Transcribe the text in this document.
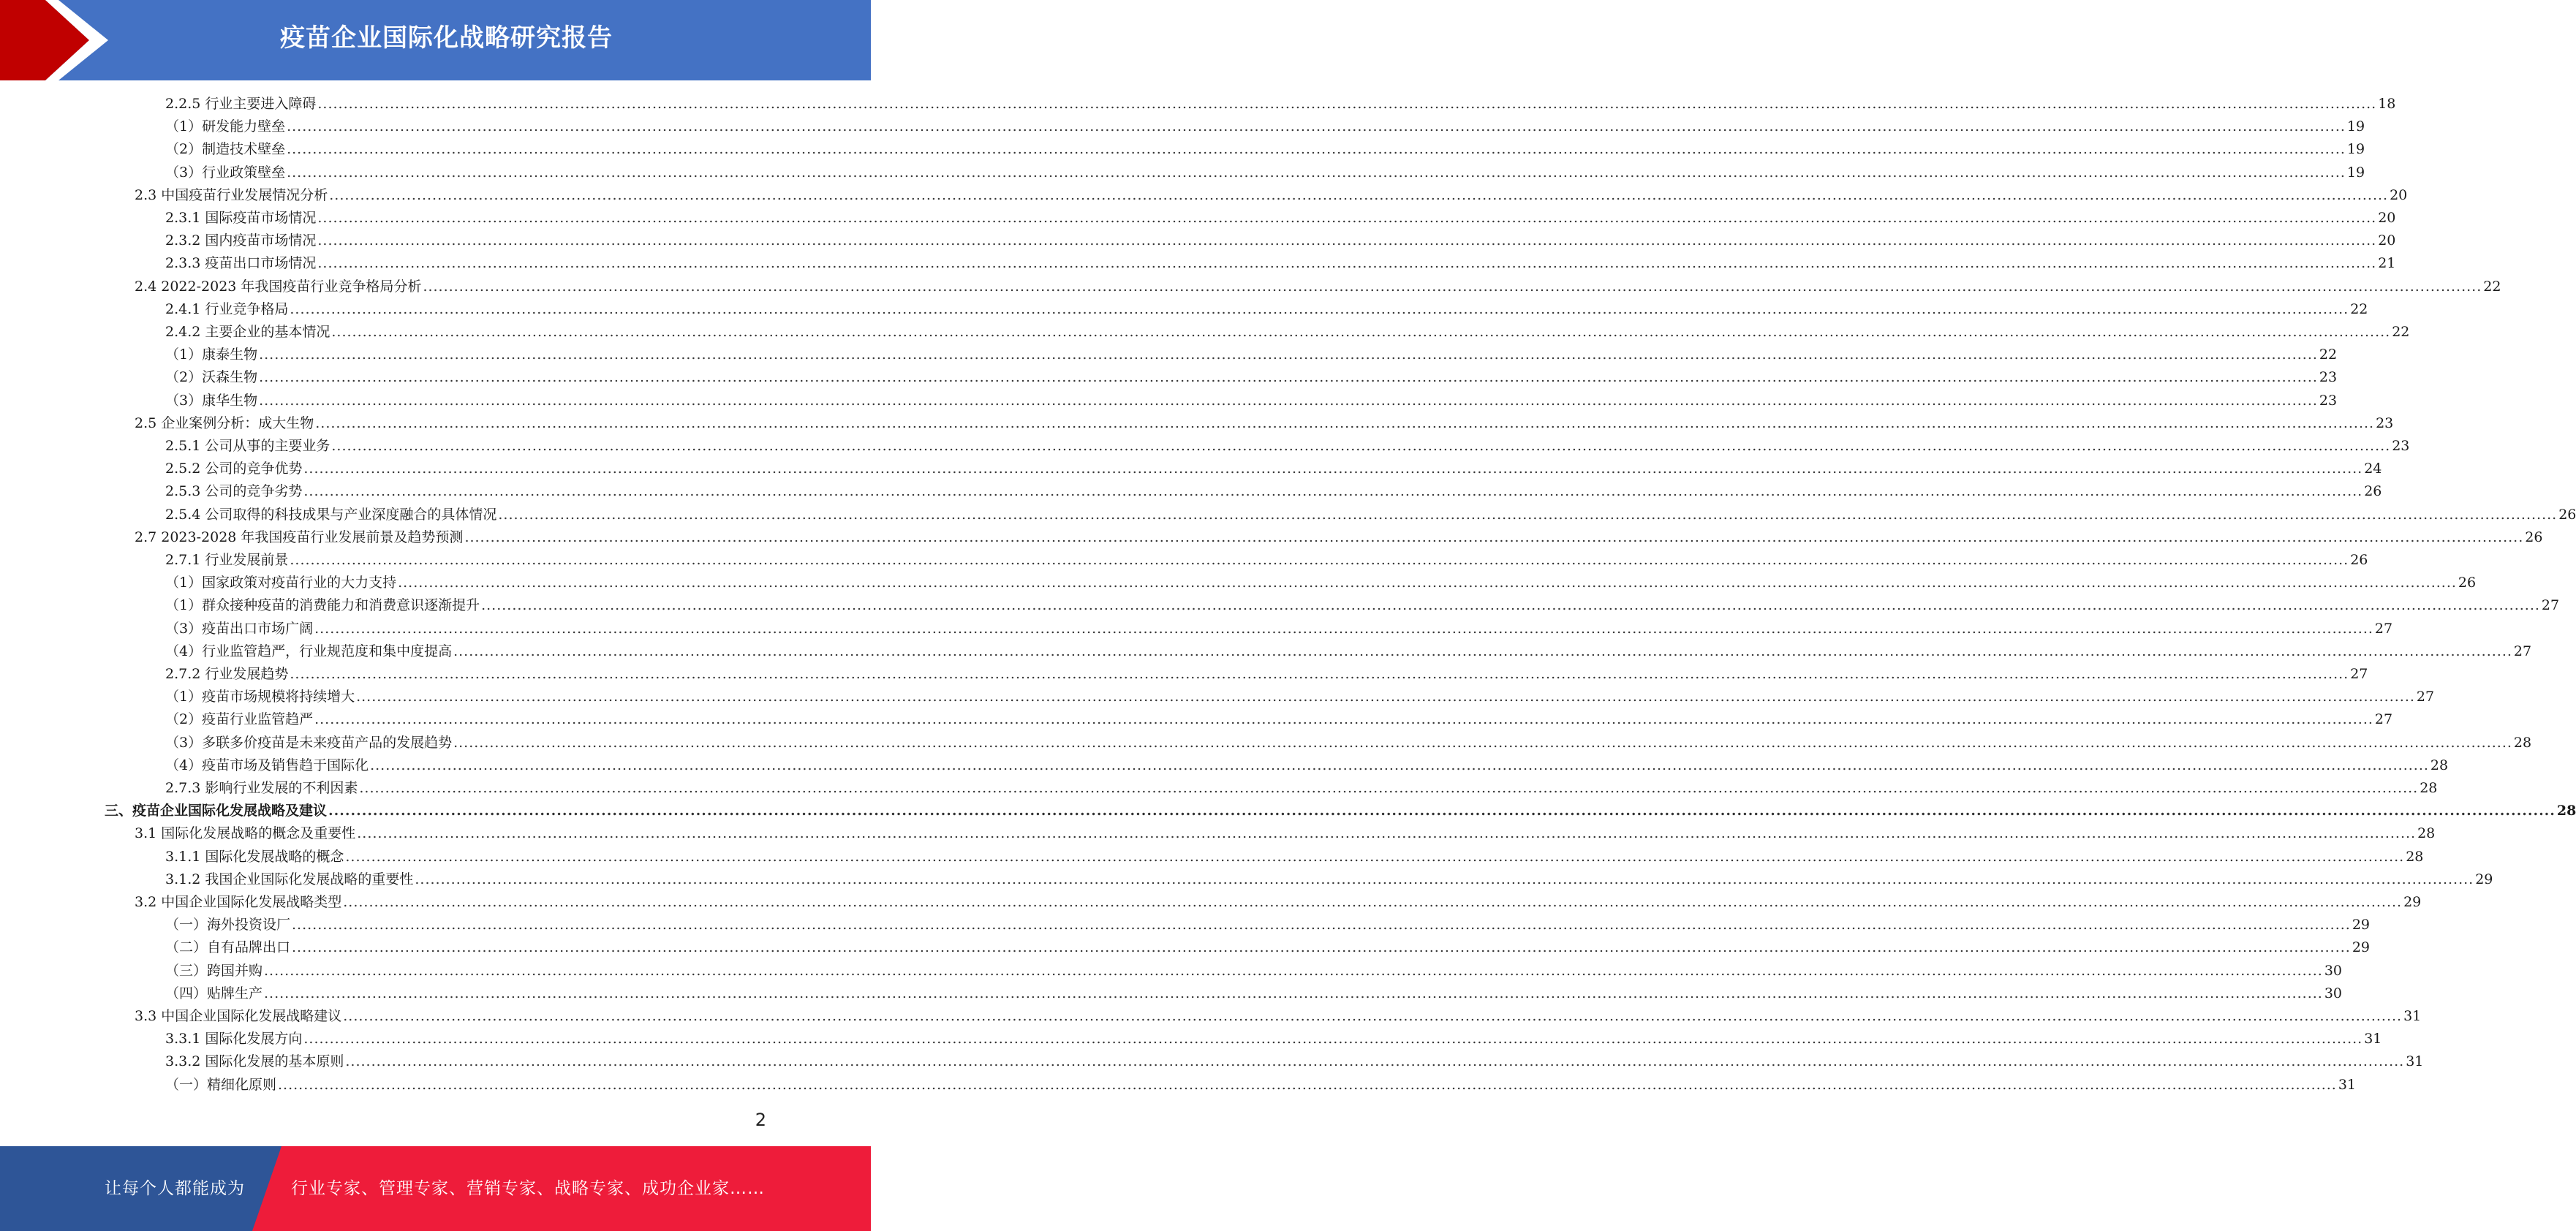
疫苗企业国际化战略研究报告
2.2.5 行业主要进入障碍 ................................................................................................................................................................................................................................................................................................................................................................................................................ 18
（1）研发能力壁垒 ................................................................................................................................................................................................................................................................................................................................................................................................................ 19
（2）制造技术壁垒 ................................................................................................................................................................................................................................................................................................................................................................................................................ 19
（3）行业政策壁垒 ................................................................................................................................................................................................................................................................................................................................................................................................................ 19
2.3 中国疫苗行业发展情况分析 ................................................................................................................................................................................................................................................................................................................................................................................................................ 20
2.3.1 国际疫苗市场情况 ................................................................................................................................................................................................................................................................................................................................................................................................................ 20
2.3.2 国内疫苗市场情况 ................................................................................................................................................................................................................................................................................................................................................................................................................ 20
2.3.3 疫苗出口市场情况 ................................................................................................................................................................................................................................................................................................................................................................................................................ 21
2.4 2022-2023 年我国疫苗行业竞争格局分析 ................................................................................................................................................................................................................................................................................................................................................................................................................ 22
2.4.1 行业竞争格局 ................................................................................................................................................................................................................................................................................................................................................................................................................ 22
2.4.2 主要企业的基本情况 ................................................................................................................................................................................................................................................................................................................................................................................................................ 22
（1）康泰生物 ................................................................................................................................................................................................................................................................................................................................................................................................................ 22
（2）沃森生物 ................................................................................................................................................................................................................................................................................................................................................................................................................ 23
（3）康华生物 ................................................................................................................................................................................................................................................................................................................................................................................................................ 23
2.5 企业案例分析：成大生物 ................................................................................................................................................................................................................................................................................................................................................................................................................ 23
2.5.1 公司从事的主要业务 ................................................................................................................................................................................................................................................................................................................................................................................................................ 23
2.5.2 公司的竞争优势 ................................................................................................................................................................................................................................................................................................................................................................................................................ 24
2.5.3 公司的竞争劣势 ................................................................................................................................................................................................................................................................................................................................................................................................................ 26
2.5.4 公司取得的科技成果与产业深度融合的具体情况 ................................................................................................................................................................................................................................................................................................................................................................................................................ 26
2.7 2023-2028 年我国疫苗行业发展前景及趋势预测 ................................................................................................................................................................................................................................................................................................................................................................................................................ 26
2.7.1 行业发展前景 ................................................................................................................................................................................................................................................................................................................................................................................................................ 26
（1）国家政策对疫苗行业的大力支持 ................................................................................................................................................................................................................................................................................................................................................................................................................ 26
（1）群众接种疫苗的消费能力和消费意识逐渐提升 ................................................................................................................................................................................................................................................................................................................................................................................................................ 27
（3）疫苗出口市场广阔 ................................................................................................................................................................................................................................................................................................................................................................................................................ 27
（4）行业监管趋严，行业规范度和集中度提高 ................................................................................................................................................................................................................................................................................................................................................................................................................ 27
2.7.2 行业发展趋势 ................................................................................................................................................................................................................................................................................................................................................................................................................ 27
（1）疫苗市场规模将持续增大 ................................................................................................................................................................................................................................................................................................................................................................................................................ 27
（2）疫苗行业监管趋严 ................................................................................................................................................................................................................................................................................................................................................................................................................ 27
（3）多联多价疫苗是未来疫苗产品的发展趋势 ................................................................................................................................................................................................................................................................................................................................................................................................................ 28
（4）疫苗市场及销售趋于国际化 ................................................................................................................................................................................................................................................................................................................................................................................................................ 28
2.7.3 影响行业发展的不利因素 ................................................................................................................................................................................................................................................................................................................................................................................................................ 28
三、疫苗企业国际化发展战略及建议 ................................................................................................................................................................................................................................................................................................................................................................................................................ 28
3.1 国际化发展战略的概念及重要性 ................................................................................................................................................................................................................................................................................................................................................................................................................ 28
3.1.1 国际化发展战略的概念 ................................................................................................................................................................................................................................................................................................................................................................................................................ 28
3.1.2 我国企业国际化发展战略的重要性 ................................................................................................................................................................................................................................................................................................................................................................................................................ 29
3.2 中国企业国际化发展战略类型 ................................................................................................................................................................................................................................................................................................................................................................................................................ 29
（一）海外投资设厂 ................................................................................................................................................................................................................................................................................................................................................................................................................ 29
（二）自有品牌出口 ................................................................................................................................................................................................................................................................................................................................................................................................................ 29
（三）跨国并购 ................................................................................................................................................................................................................................................................................................................................................................................................................ 30
（四）贴牌生产 ................................................................................................................................................................................................................................................................................................................................................................................................................ 30
3.3 中国企业国际化发展战略建议 ................................................................................................................................................................................................................................................................................................................................................................................................................ 31
3.3.1 国际化发展方向 ................................................................................................................................................................................................................................................................................................................................................................................................................ 31
3.3.2 国际化发展的基本原则 ................................................................................................................................................................................................................................................................................................................................................................................................................ 31
（一）精细化原则 ................................................................................................................................................................................................................................................................................................................................................................................................................ 31
2
让每个人都能成为	行业专家、管理专家、营销专家、战略专家、成功企业家……
